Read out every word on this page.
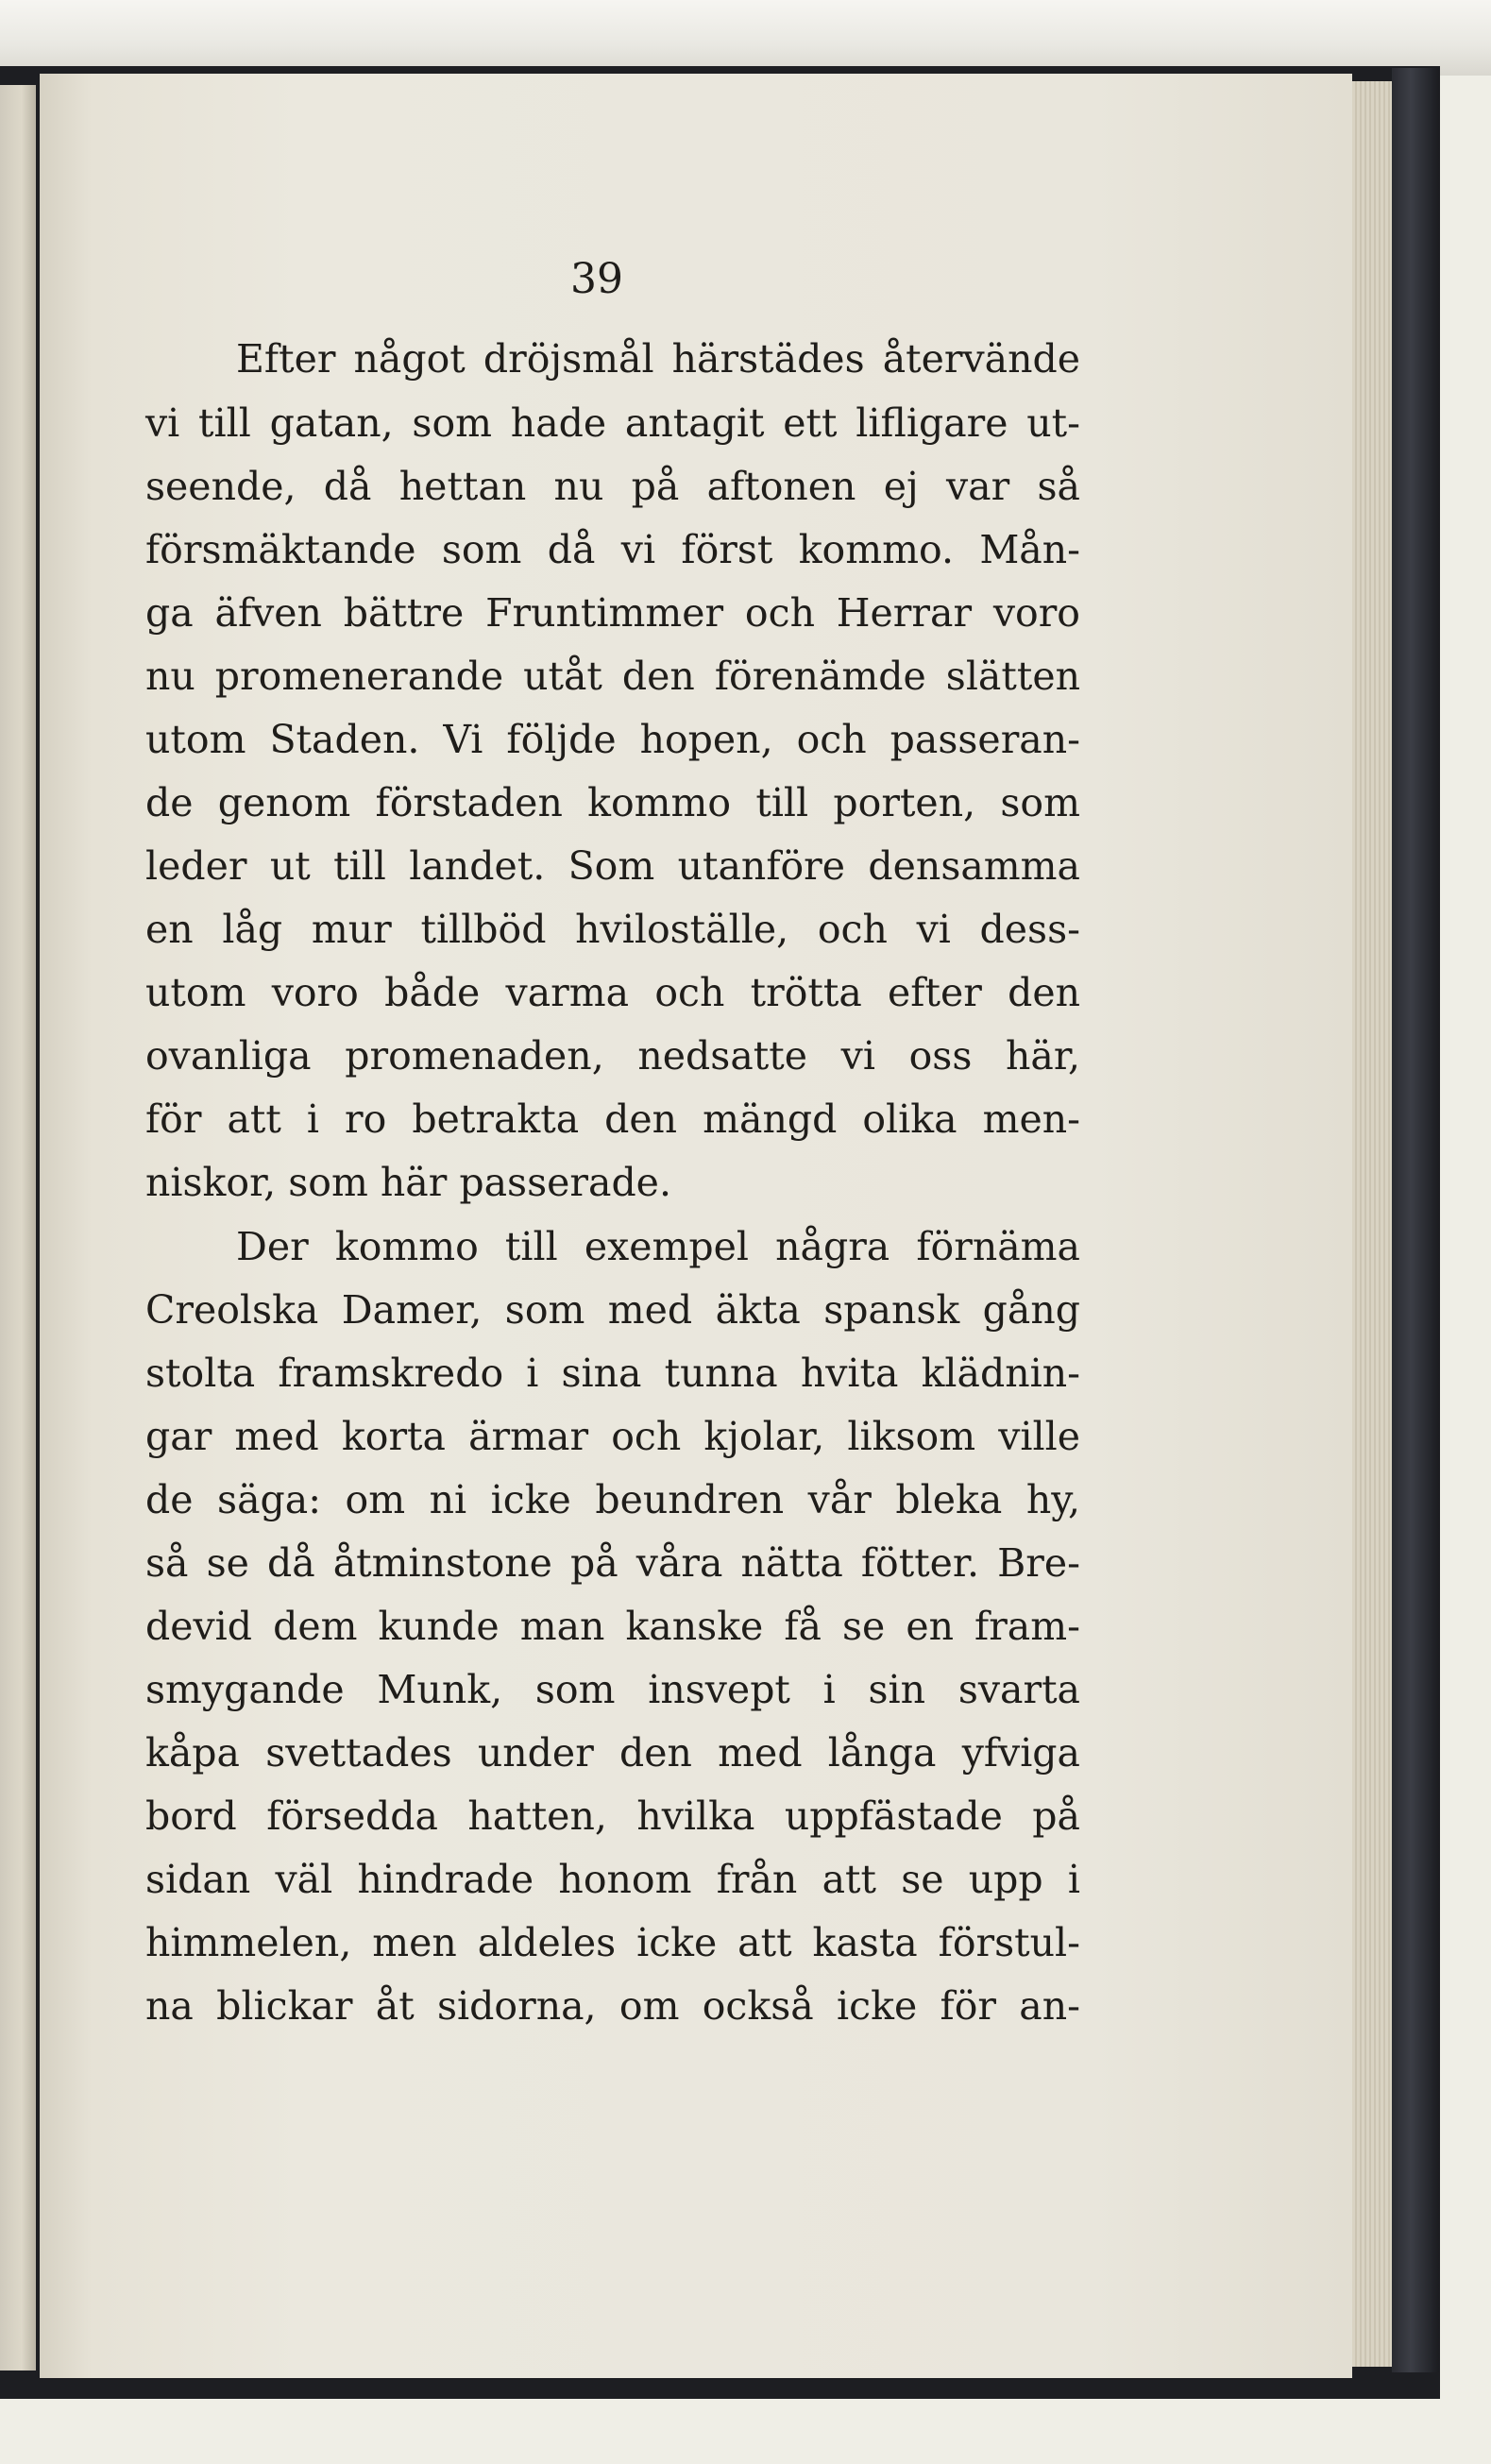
39
Efter något dröjsmål härstädes återvände
vi till gatan, som hade antagit ett lifligare ut-
seende, då hettan nu på aftonen ej var så
försmäktande som då vi först kommo. Mån-
ga äfven bättre Fruntimmer och Herrar voro
nu promenerande utåt den förenämde slätten
utom Staden. Vi följde hopen, och passeran-
de genom förstaden kommo till porten, som
leder ut till landet. Som utanföre densamma
en låg mur tillböd hviloställe, och vi dess-
utom voro både varma och trötta efter den
ovanliga promenaden, nedsatte vi oss här,
för att i ro betrakta den mängd olika men-
niskor, som här passerade.
Der kommo till exempel några förnäma
Creolska Damer, som med äkta spansk gång
stolta framskredo i sina tunna hvita klädnin-
gar med korta ärmar och kjolar, liksom ville
de säga: om ni icke beundren vår bleka hy,
så se då åtminstone på våra nätta fötter. Bre-
devid dem kunde man kanske få se en fram-
smygande Munk, som insvept i sin svarta
kåpa svettades under den med långa yfviga
bord försedda hatten, hvilka uppfästade på
sidan väl hindrade honom från att se upp i
himmelen, men aldeles icke att kasta förstul-
na blickar åt sidorna, om också icke för an-
